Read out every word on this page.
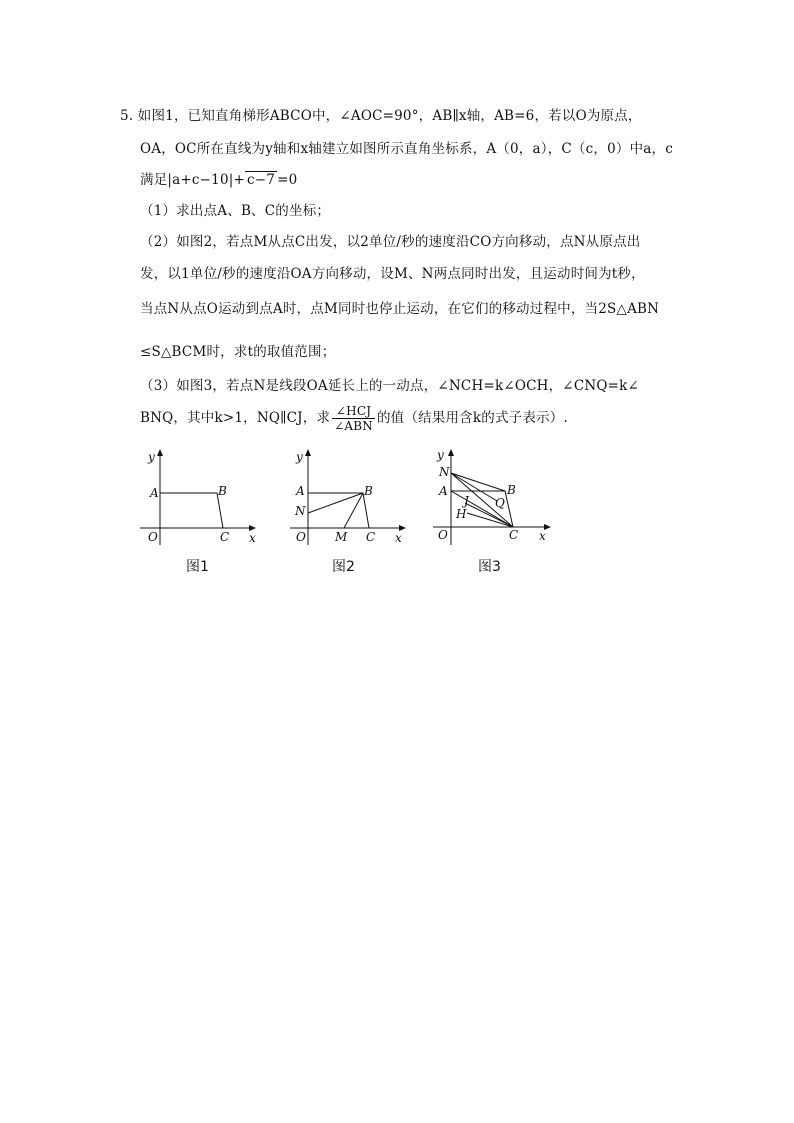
5. 如图1，已知直角梯形ABCO中，∠AOC=90°，AB∥x轴，AB=6，若以O为原点，
OA，OC所在直线为y轴和x轴建立如图所示直角坐标系，A（0，a），C（c，0）中a，c
满足|a+c−10|+ c−7 =0
（1）求出点A、B、C的坐标；
（2）如图2，若点M从点C出发，以2单位/秒的速度沿CO方向移动，点N从原点出
发，以1单位/秒的速度沿OA方向移动，设M、N两点同时出发，且运动时间为t秒，
当点N从点O运动到点A时，点M同时也停止运动，在它们的移动过程中，当2S△ABN
≤S△BCM时，求t的取值范围；
（3）如图3，若点N是线段OA延长上的一动点，∠NCH=k∠OCH，∠CNQ=k∠
BNQ，其中k>1，NQ∥CJ，求 $\frac{\text{∠HCJ}}{\text{∠ABN}}$ 的值（结果用含k的式子表示）.
y
A	B
O	C x
y
A	B
N
O M C x
y
N
A	B
J Q
H
O	C x
图1	图2	图3
